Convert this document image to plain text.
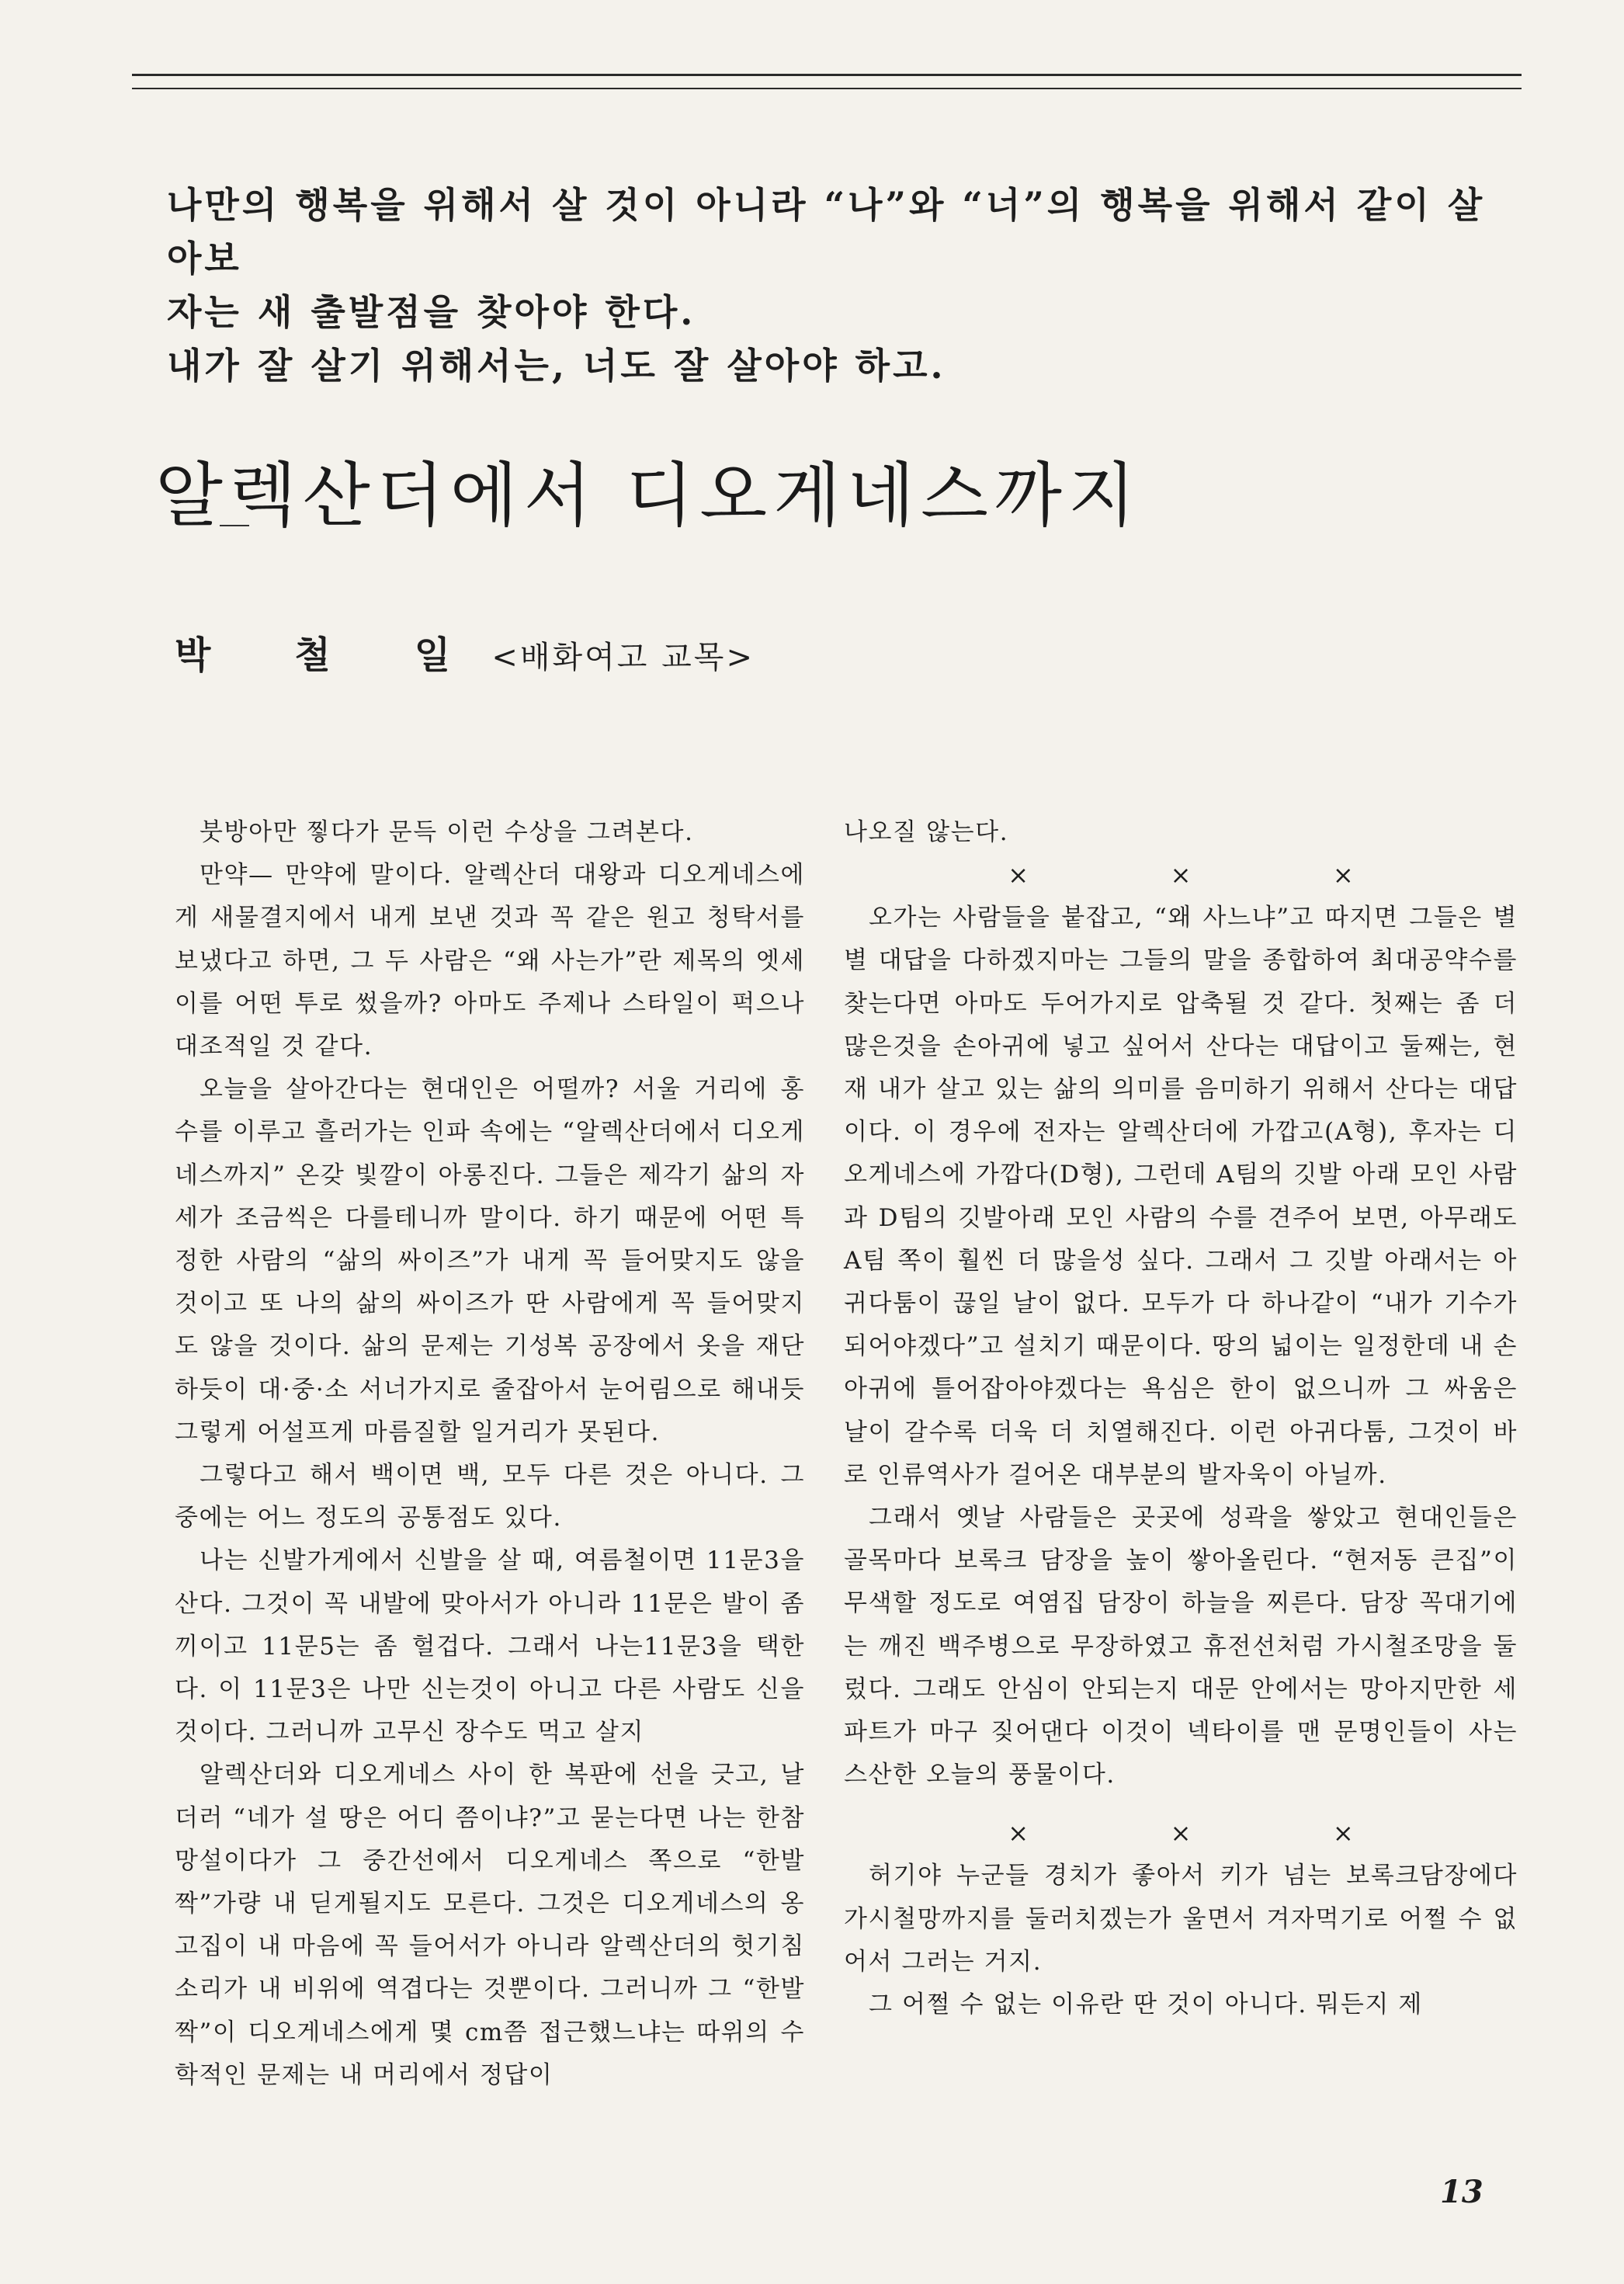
나만의 행복을 위해서 살 것이 아니라 “나”와 “너”의 행복을 위해서 같이 살아보

자는 새 출발점을 찾아야 한다.

내가 잘 살기 위해서는, 너도 잘 살아야 하고.

알렉산더에서 디오게네스까지
박철일 <배화여고 교목>

붓방아만 찧다가 문득 이런 수상을 그려본다.

만약— 만약에 말이다. 알렉산더 대왕과 디오게네스에게 새물결지에서 내게 보낸 것과 꼭 같은 원고 청탁서를 보냈다고 하면, 그 두 사람은 “왜 사는가”란 제목의 엣세이를 어떤 투로 썼을까? 아마도 주제나 스타일이 퍽으나 대조적일 것 같다.

오늘을 살아간다는 현대인은 어떨까? 서울 거리에 홍수를 이루고 흘러가는 인파 속에는 “알렉산더에서 디오게네스까지” 온갖 빛깔이 아롱진다. 그들은 제각기 삶의 자세가 조금씩은 다를테니까 말이다. 하기 때문에 어떤 특정한 사람의 “삶의 싸이즈”가 내게 꼭 들어맞지도 않을 것이고 또 나의 삶의 싸이즈가 딴 사람에게 꼭 들어맞지도 않을 것이다. 삶의 문제는 기성복 공장에서 옷을 재단하듯이 대·중·소 서너가지로 줄잡아서 눈어림으로 해내듯 그렇게 어설프게 마름질할 일거리가 못된다.

그렇다고 해서 백이면 백, 모두 다른 것은 아니다. 그 중에는 어느 정도의 공통점도 있다.

나는 신발가게에서 신발을 살 때, 여름철이면 11문3을 산다. 그것이 꼭 내발에 맞아서가 아니라 11문은 발이 좀 끼이고 11문5는 좀 헐겁다. 그래서 나는11문3을 택한다. 이 11문3은 나만 신는것이 아니고 다른 사람도 신을 것이다. 그러니까 고무신 장수도 먹고 살지

알렉산더와 디오게네스 사이 한 복판에 선을 긋고, 날더러 “네가 설 땅은 어디 쯤이냐?”고 묻는다면 나는 한참 망설이다가 그 중간선에서 디오게네스 쪽으로 “한발짝”가량 내 딛게될지도 모른다. 그것은 디오게네스의 옹고집이 내 마음에 꼭 들어서가 아니라 알렉산더의 헛기침 소리가 내 비위에 역겹다는 것뿐이다. 그러니까 그 “한발짝”이 디오게네스에게 몇 cm쯤 접근했느냐는 따위의 수학적인 문제는 내 머리에서 정답이

나오질 않는다.

×	×	×

오가는 사람들을 붙잡고, “왜 사느냐”고 따지면 그들은 별별 대답을 다하겠지마는 그들의 말을 종합하여 최대공약수를 찾는다면 아마도 두어가지로 압축될 것 같다. 첫째는 좀 더 많은것을 손아귀에 넣고 싶어서 산다는 대답이고 둘째는, 현재 내가 살고 있는 삶의 의미를 음미하기 위해서 산다는 대답이다. 이 경우에 전자는 알렉산더에 가깝고(A형), 후자는 디오게네스에 가깝다(D형), 그런데 A팀의 깃발 아래 모인 사람과 D팀의 깃발아래 모인 사람의 수를 견주어 보면, 아무래도 A팀 쪽이 훨씬 더 많을성 싶다. 그래서 그 깃발 아래서는 아귀다툼이 끊일 날이 없다. 모두가 다 하나같이 “내가 기수가 되어야겠다”고 설치기 때문이다. 땅의 넓이는 일정한데 내 손아귀에 틀어잡아야겠다는 욕심은 한이 없으니까 그 싸움은 날이 갈수록 더욱 더 치열해진다. 이런 아귀다툼, 그것이 바로 인류역사가 걸어온 대부분의 발자욱이 아닐까.

그래서 옛날 사람들은 곳곳에 성곽을 쌓았고 현대인들은 골목마다 보록크 담장을 높이 쌓아올린다. “현저동 큰집”이 무색할 정도로 여염집 담장이 하늘을 찌른다. 담장 꼭대기에는 깨진 백주병으로 무장하였고 휴전선처럼 가시철조망을 둘렀다. 그래도 안심이 안되는지 대문 안에서는 망아지만한 세파트가 마구 짖어댄다 이것이 넥타이를 맨 문명인들이 사는 스산한 오늘의 풍물이다.

×	×	×

허기야 누군들 경치가 좋아서 키가 넘는 보록크담장에다 가시철망까지를 둘러치겠는가 울면서 겨자먹기로 어쩔 수 없어서 그러는 거지.

그 어쩔 수 없는 이유란 딴 것이 아니다. 뭐든지 제

13
